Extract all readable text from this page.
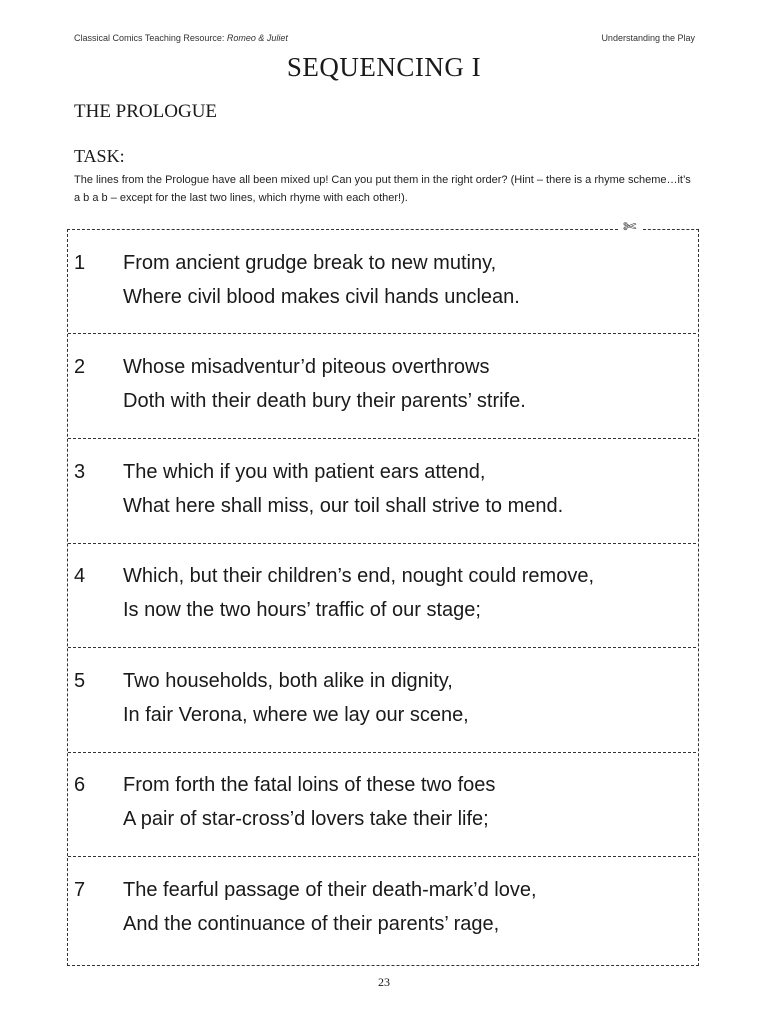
Classical Comics Teaching Resource: Romeo & Juliet	Understanding the Play
SEQUENCING I
THE PROLOGUE
TASK:
The lines from the Prologue have all been mixed up! Can you put them in the right order? (Hint – there is a rhyme scheme…it’s a b a b – except for the last two lines, which rhyme with each other!).
✄
1 From ancient grudge break to new mutiny,
Where civil blood makes civil hands unclean.
2 Whose misadventur’d piteous overthrows
Doth with their death bury their parents’ strife.
3 The which if you with patient ears attend,
What here shall miss, our toil shall strive to mend.
4 Which, but their children’s end, nought could remove,
Is now the two hours’ traffic of our stage;
5 Two households, both alike in dignity,
In fair Verona, where we lay our scene,
6 From forth the fatal loins of these two foes
A pair of star-cross’d lovers take their life;
7 The fearful passage of their death-mark’d love,
And the continuance of their parents’ rage,
23
